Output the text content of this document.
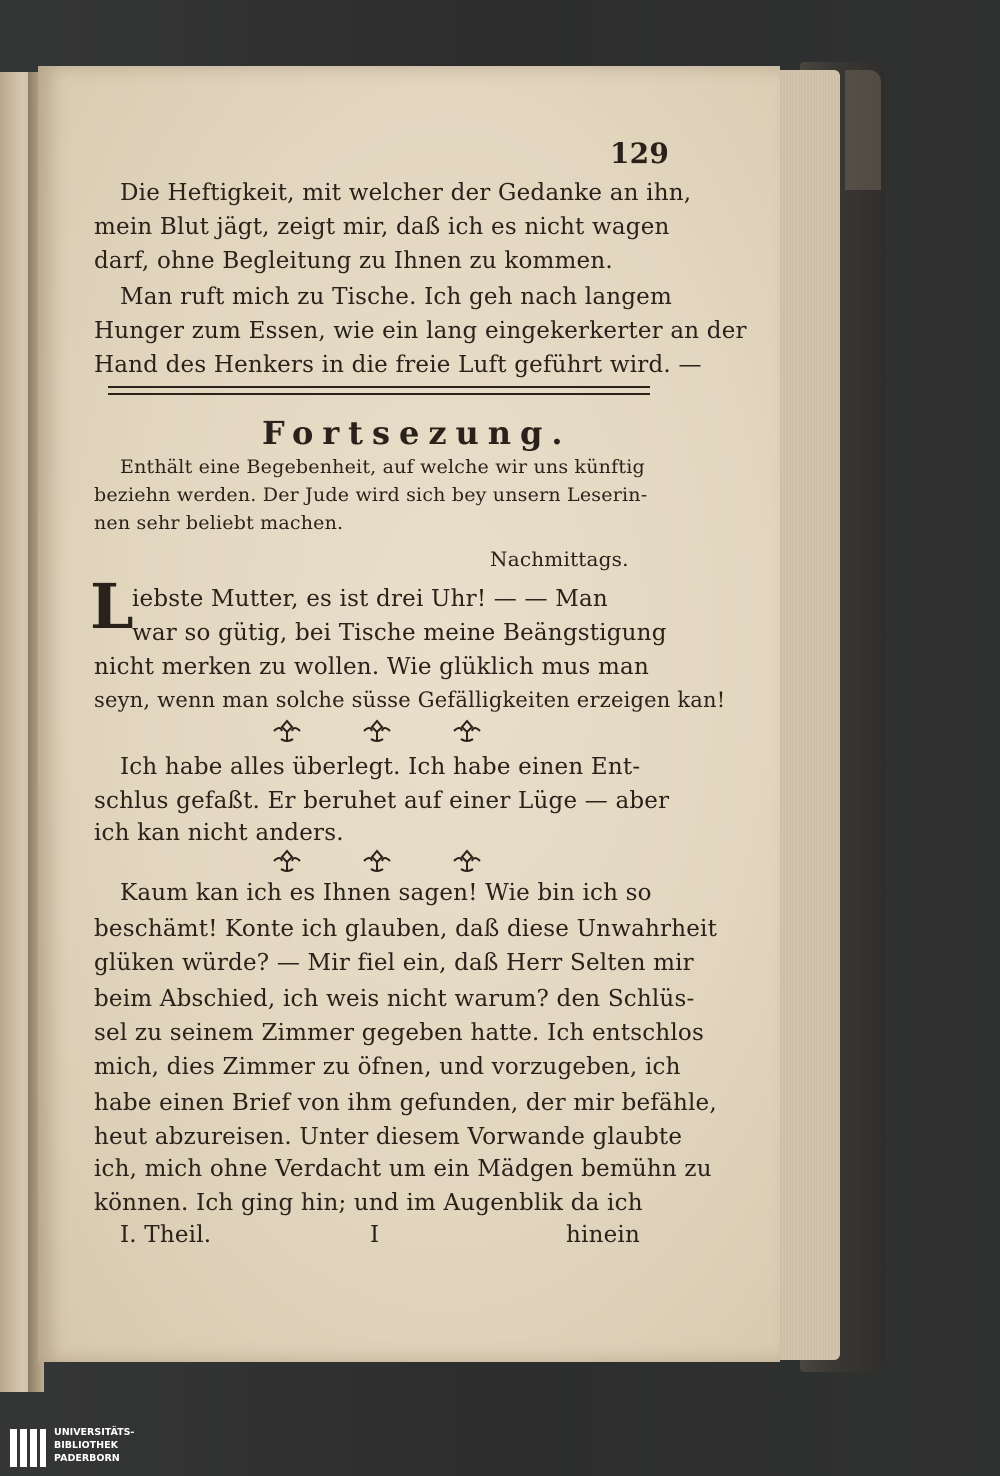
129
Die Heftigkeit, mit welcher der Gedanke an ihn,
mein Blut jägt, zeigt mir, daß ich es nicht wagen
darf, ohne Begleitung zu Ihnen zu kommen.
Man ruft mich zu Tische. Ich geh nach langem
Hunger zum Essen, wie ein lang eingekerkerter an der
Hand des Henkers in die freie Luft geführt wird. —
Fortsezung.
Enthält eine Begebenheit, auf welche wir uns künftig
beziehn werden. Der Jude wird sich bey unsern Leserin-
nen sehr beliebt machen.
Nachmittags.
L
iebste Mutter, es ist drei Uhr! — — Man
war so gütig, bei Tische meine Beängstigung
nicht merken zu wollen. Wie glüklich mus man
seyn, wenn man solche süsse Gefälligkeiten erzeigen kan!
Ich habe alles überlegt. Ich habe einen Ent-
schlus gefaßt. Er beruhet auf einer Lüge — aber
ich kan nicht anders.
Kaum kan ich es Ihnen sagen! Wie bin ich so
beschämt! Konte ich glauben, daß diese Unwahrheit
glüken würde? — Mir fiel ein, daß Herr Selten mir
beim Abschied, ich weis nicht warum? den Schlüs-
sel zu seinem Zimmer gegeben hatte. Ich entschlos
mich, dies Zimmer zu öfnen, und vorzugeben, ich
habe einen Brief von ihm gefunden, der mir befähle,
heut abzureisen. Unter diesem Vorwande glaubte
ich, mich ohne Verdacht um ein Mädgen bemühn zu
können. Ich ging hin; und im Augenblik da ich
I. Theil.	I	hinein
UNIVERSITÄTS-
BIBLIOTHEK
PADERBORN
